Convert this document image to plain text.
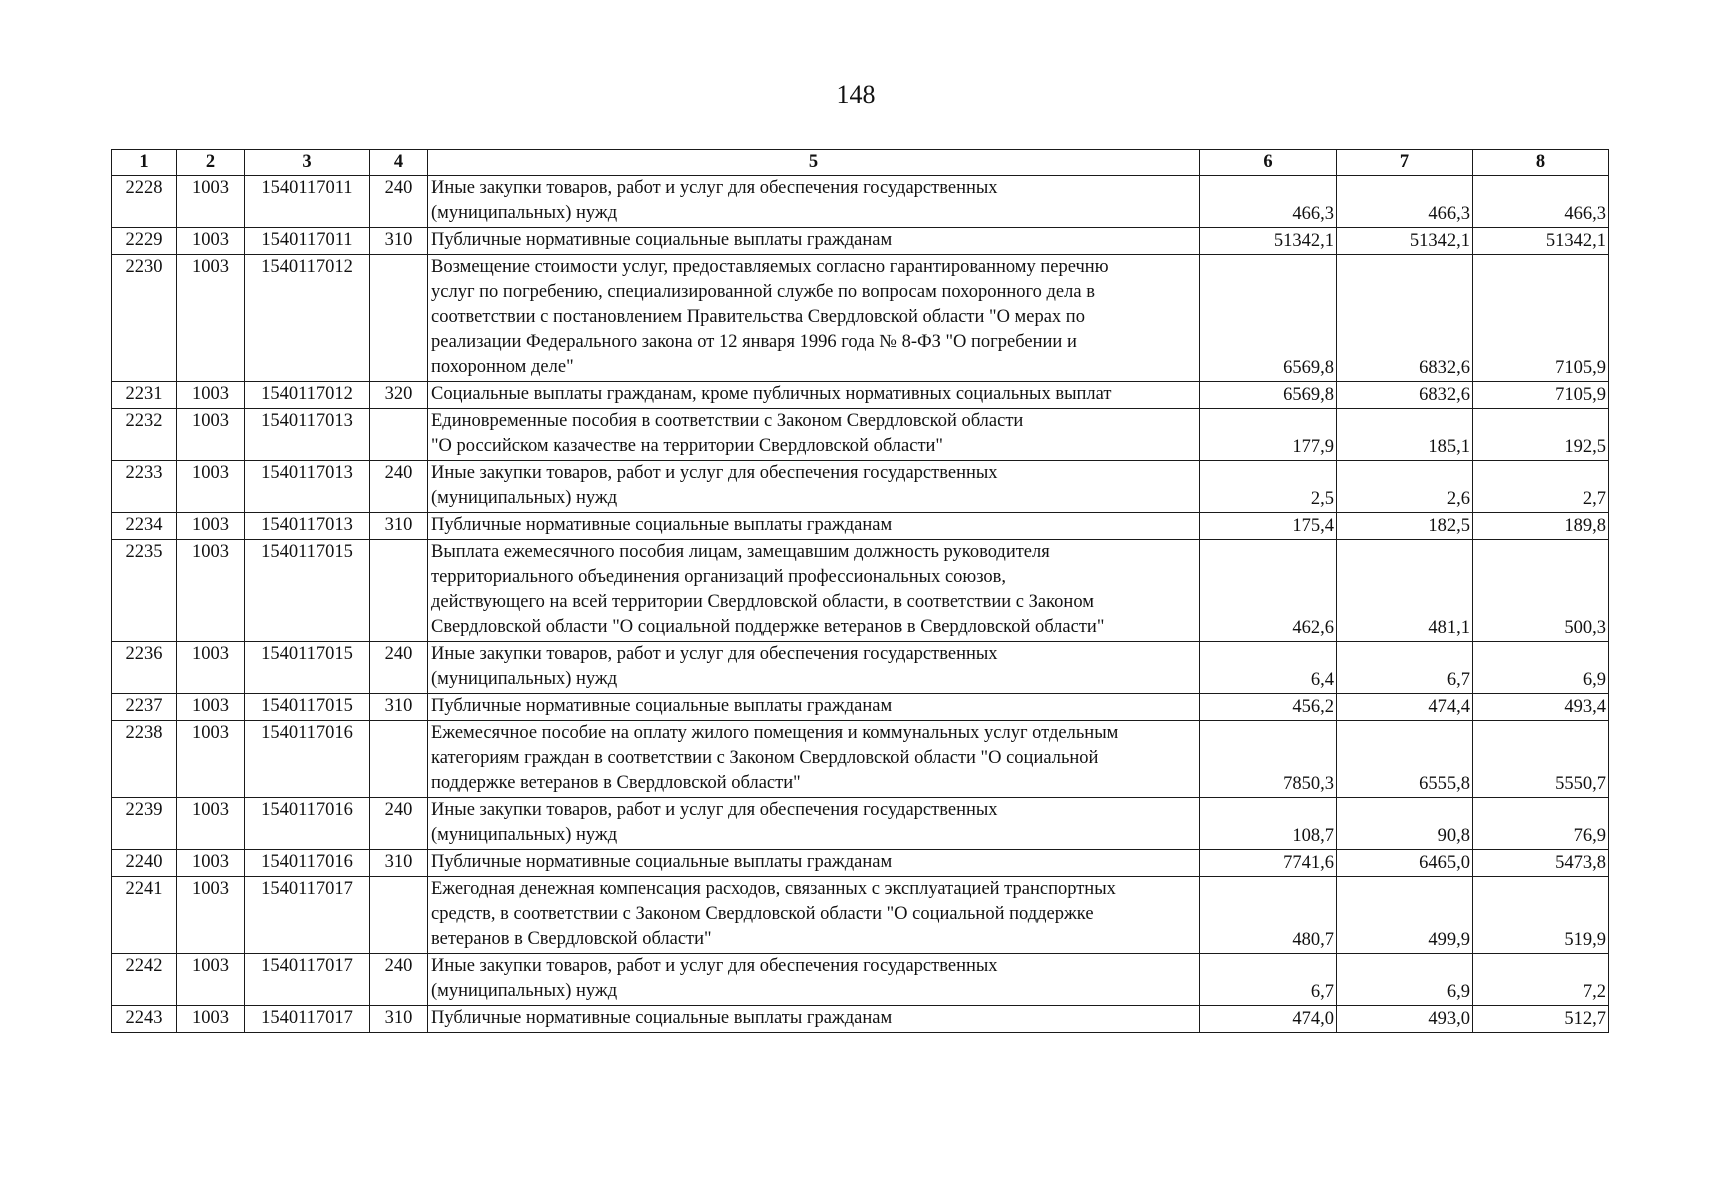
148
1	2	3	4	5	6	7	8
2228	1003	1540117011	240	Иные закупки товаров, работ и услуг для обеспечения государственных
(муниципальных) нужд	466,3	466,3	466,3
2229	1003	1540117011	310	Публичные нормативные социальные выплаты гражданам	51342,1	51342,1	51342,1
2230	1003	1540117012		Возмещение стоимости услуг, предоставляемых согласно гарантированному перечню
услуг по погребению, специализированной службе по вопросам похоронного дела в
соответствии с постановлением Правительства Свердловской области "О мерах по
реализации Федерального закона от 12 января 1996 года № 8-ФЗ "О погребении и
похоронном деле"	6569,8	6832,6	7105,9
2231	1003	1540117012	320	Социальные выплаты гражданам, кроме публичных нормативных социальных выплат	6569,8	6832,6	7105,9
2232	1003	1540117013		Единовременные пособия в соответствии с Законом Свердловской области
"О российском казачестве на территории Свердловской области"	177,9	185,1	192,5
2233	1003	1540117013	240	Иные закупки товаров, работ и услуг для обеспечения государственных
(муниципальных) нужд	2,5	2,6	2,7
2234	1003	1540117013	310	Публичные нормативные социальные выплаты гражданам	175,4	182,5	189,8
2235	1003	1540117015		Выплата ежемесячного пособия лицам, замещавшим должность руководителя
территориального объединения организаций профессиональных союзов,
действующего на всей территории Свердловской области, в соответствии с Законом
Свердловской области "О социальной поддержке ветеранов в Свердловской области"	462,6	481,1	500,3
2236	1003	1540117015	240	Иные закупки товаров, работ и услуг для обеспечения государственных
(муниципальных) нужд	6,4	6,7	6,9
2237	1003	1540117015	310	Публичные нормативные социальные выплаты гражданам	456,2	474,4	493,4
2238	1003	1540117016		Ежемесячное пособие на оплату жилого помещения и коммунальных услуг отдельным
категориям граждан в соответствии с Законом Свердловской области "О социальной
поддержке ветеранов в Свердловской области"	7850,3	6555,8	5550,7
2239	1003	1540117016	240	Иные закупки товаров, работ и услуг для обеспечения государственных
(муниципальных) нужд	108,7	90,8	76,9
2240	1003	1540117016	310	Публичные нормативные социальные выплаты гражданам	7741,6	6465,0	5473,8
2241	1003	1540117017		Ежегодная денежная компенсация расходов, связанных с эксплуатацией транспортных
средств, в соответствии с Законом Свердловской области "О социальной поддержке
ветеранов в Свердловской области"	480,7	499,9	519,9
2242	1003	1540117017	240	Иные закупки товаров, работ и услуг для обеспечения государственных
(муниципальных) нужд	6,7	6,9	7,2
2243	1003	1540117017	310	Публичные нормативные социальные выплаты гражданам	474,0	493,0	512,7
